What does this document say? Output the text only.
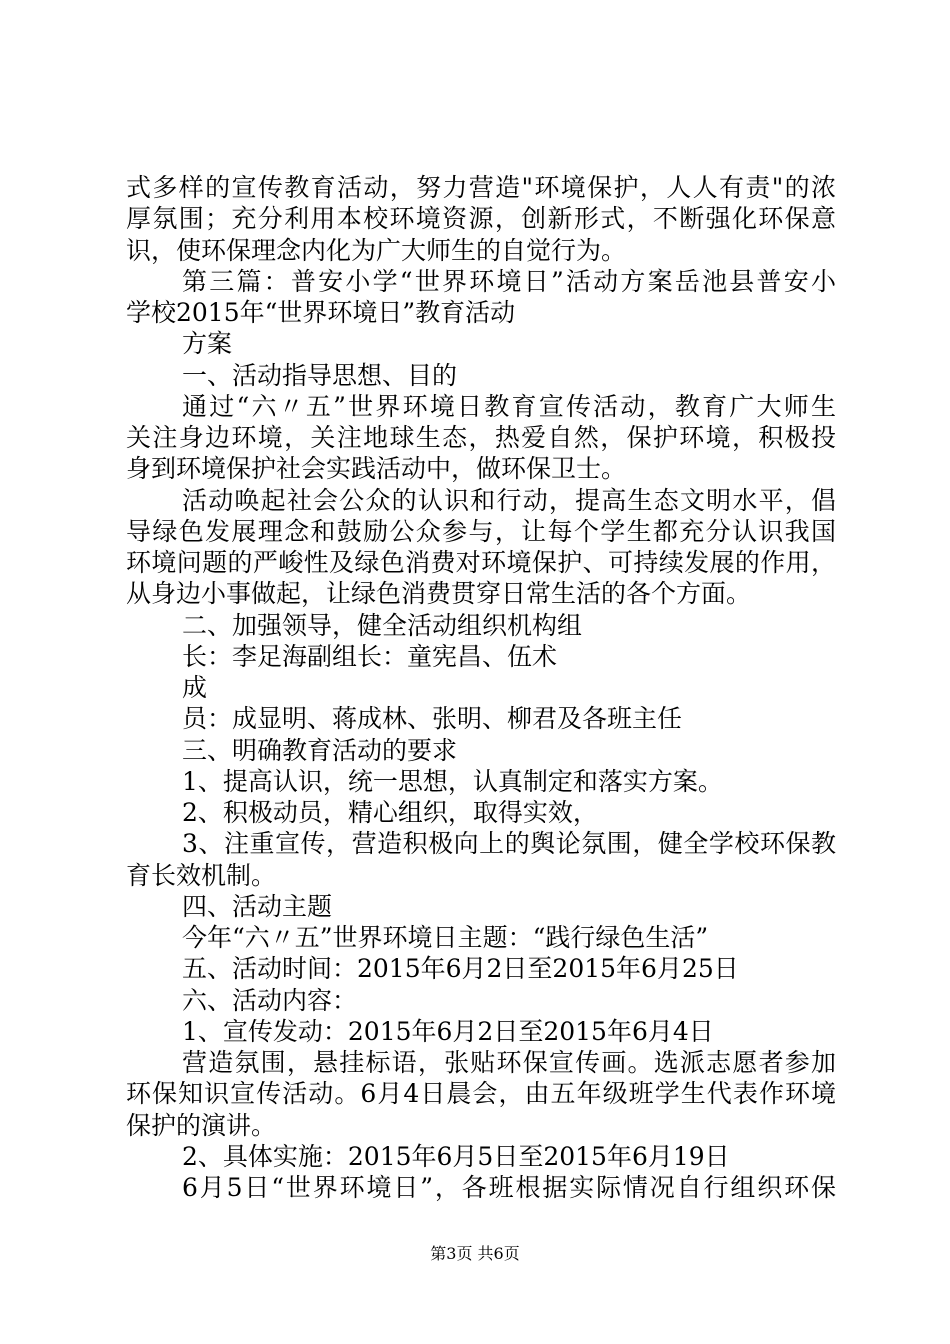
式多样的宣传教育活动，努力营造"环境保护，人人有责"的浓
厚氛围；充分利用本校环境资源，创新形式，不断强化环保意
识，使环保理念内化为广大师生的自觉行为。
第三篇：普安小学“世界环境日”活动方案岳池县普安小
学校2015年“世界环境日”教育活动
方案
一、活动指导思想、目的
通过“六〃五”世界环境日教育宣传活动，教育广大师生
关注身边环境，关注地球生态，热爱自然，保护环境，积极投
身到环境保护社会实践活动中，做环保卫士。
活动唤起社会公众的认识和行动，提高生态文明水平，倡
导绿色发展理念和鼓励公众参与，让每个学生都充分认识我国
环境问题的严峻性及绿色消费对环境保护、可持续发展的作用，
从身边小事做起，让绿色消费贯穿日常生活的各个方面。
二、加强领导，健全活动组织机构组
长：李足海副组长：童宪昌、伍术
成
员：成显明、蒋成林、张明、柳君及各班主任
三、明确教育活动的要求
1、提高认识，统一思想，认真制定和落实方案。
2、积极动员，精心组织，取得实效，
3、注重宣传，营造积极向上的舆论氛围，健全学校环保教
育长效机制。
四、活动主题
今年“六〃五”世界环境日主题：“践行绿色生活”
五、活动时间：2015年6月2日至2015年6月25日
六、活动内容：
1、宣传发动：2015年6月2日至2015年6月4日
营造氛围，悬挂标语，张贴环保宣传画。选派志愿者参加
环保知识宣传活动。6月4日晨会，由五年级班学生代表作环境
保护的演讲。
2、具体实施：2015年6月5日至2015年6月19日
6月5日“世界环境日”，各班根据实际情况自行组织环保
第3页 共6页
